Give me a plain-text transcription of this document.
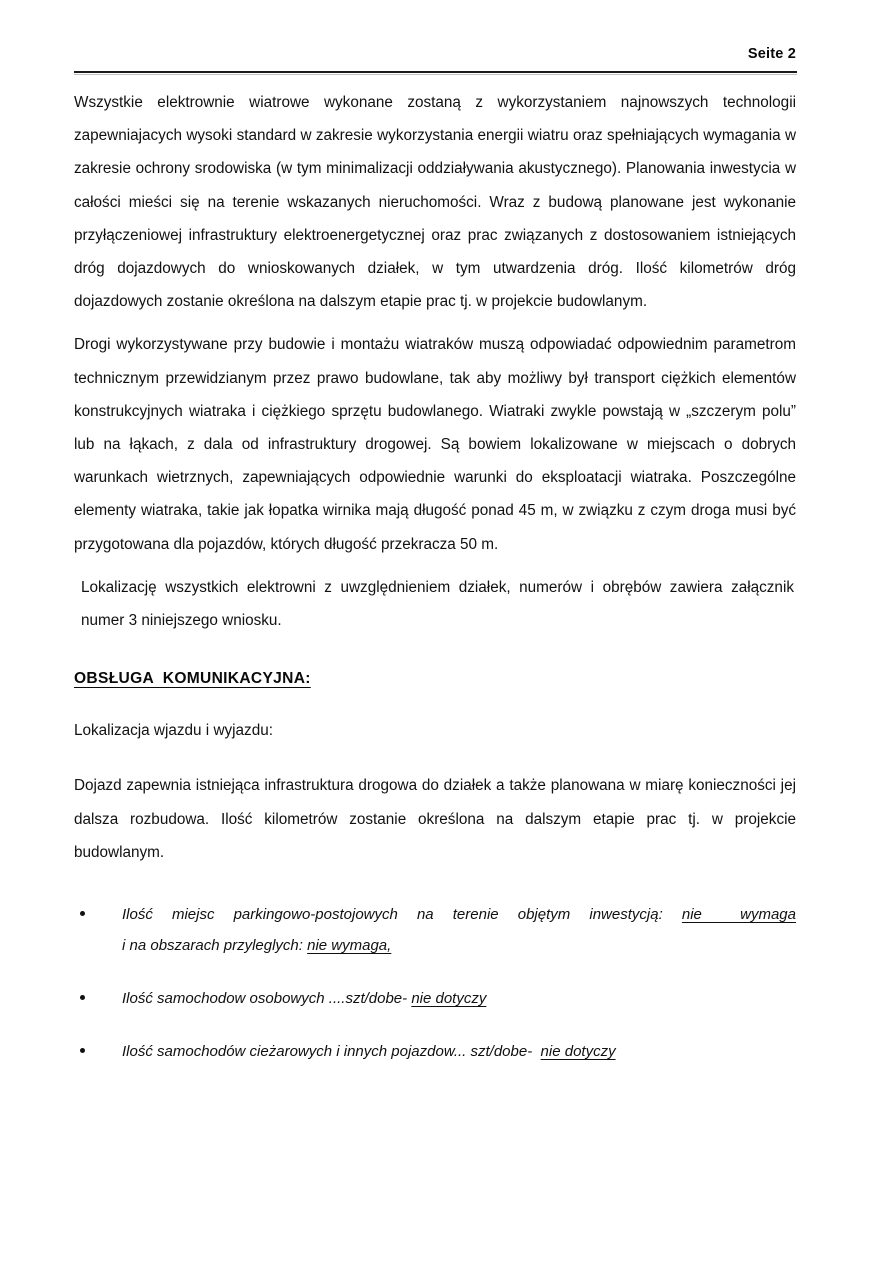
Seite 2

Wszystkie elektrownie wiatrowe wykonane zostaną z wykorzystaniem najnowszych technologii zapewniajacych wysoki standard w zakresie wykorzystania energii wiatru oraz spełniających wymagania w zakresie ochrony srodowiska (w tym minimalizacji oddziaływania akustycznego). Planowania inwestycia w całości mieści się na terenie wskazanych nieruchomości. Wraz z budową planowane jest wykonanie przyłączeniowej infrastruktury elektroenergetycznej oraz prac związanych z dostosowaniem istniejących dróg dojazdowych do wnioskowanych działek, w tym utwardzenia dróg. Ilość kilometrów dróg dojazdowych zostanie określona na dalszym etapie prac tj. w projekcie budowlanym.

Drogi wykorzystywane przy budowie i montażu wiatraków muszą odpowiadać odpowiednim parametrom technicznym przewidzianym przez prawo budowlane, tak aby możliwy był transport ciężkich elementów konstrukcyjnych wiatraka i ciężkiego sprzętu budowlanego. Wiatraki zwykle powstają w „szczerym polu” lub na łąkach, z dala od infrastruktury drogowej. Są bowiem lokalizowane w miejscach o dobrych warunkach wietrznych, zapewniających odpowiednie warunki do eksploatacji wiatraka. Poszczególne elementy wiatraka, takie jak łopatka wirnika mają długość ponad 45 m, w związku z czym droga musi być przygotowana dla pojazdów, których długość przekracza 50 m.

Lokalizację wszystkich elektrowni z uwzględnieniem działek, numerów i obrębów zawiera załącznik numer 3 niniejszego wniosku.

OBSŁUGA  KOMUNIKACYJNA:

Lokalizacja wjazdu i wyjazdu:

Dojazd zapewnia istniejąca infrastruktura drogowa do działek a także planowana w miarę konieczności jej dalsza rozbudowa. Ilość kilometrów zostanie określona na dalszym etapie prac tj. w projekcie budowlanym.

Ilość miejsc parkingowo-postojowych na terenie objętym inwestycją: nie  wymaga
i na obszarach przyleglych: nie wymaga,
Ilość samochodow osobowych ....szt/dobe- nie dotyczy
Ilość samochodów cieżarowych i innych pojazdow... szt/dobe- nie dotyczy
